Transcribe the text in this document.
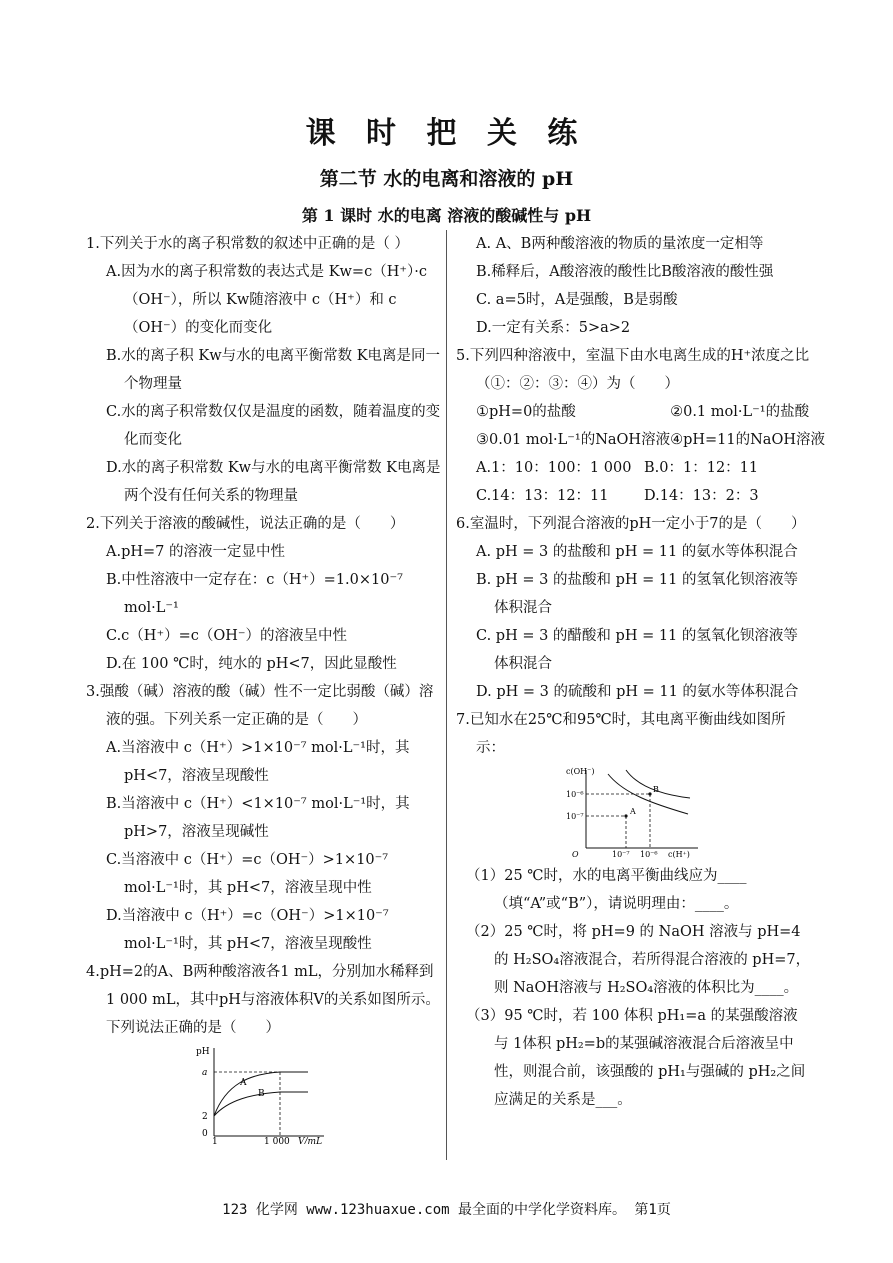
课 时 把 关 练
第二节 水的电离和溶液的 pH
第 1 课时 水的电离 溶液的酸碱性与 pH
1.下列关于水的离子积常数的叙述中正确的是（ ）
A.因为水的离子积常数的表达式是 Kw=c（H⁺）·c（OH⁻），所以 Kw随溶液中 c（H⁺）和 c（OH⁻）的变化而变化
B.水的离子积 Kw与水的电离平衡常数 K电离是同一个物理量
C.水的离子积常数仅仅是温度的函数，随着温度的变化而变化
D.水的离子积常数 Kw与水的电离平衡常数 K电离是两个没有任何关系的物理量
2.下列关于溶液的酸碱性，说法正确的是（　　）
A.pH=7 的溶液一定显中性
B.中性溶液中一定存在：c（H⁺）=1.0×10⁻⁷ mol·L⁻¹
C.c（H⁺）=c（OH⁻）的溶液呈中性
D.在 100 ℃时，纯水的 pH<7，因此显酸性
3.强酸（碱）溶液的酸（碱）性不一定比弱酸（碱）溶液的强。下列关系一定正确的是（　　）
A.当溶液中 c（H⁺）>1×10⁻⁷ mol·L⁻¹时，其 pH<7，溶液呈现酸性
B.当溶液中 c（H⁺）<1×10⁻⁷ mol·L⁻¹时，其 pH>7，溶液呈现碱性
C.当溶液中 c（H⁺）=c（OH⁻）>1×10⁻⁷ mol·L⁻¹时，其 pH<7，溶液呈现中性
D.当溶液中 c（H⁺）=c（OH⁻）>1×10⁻⁷ mol·L⁻¹时，其 pH<7，溶液呈现酸性
4.pH=2的A、B两种酸溶液各1 mL，分别加水稀释到 1 000 mL，其中pH与溶液体积V的关系如图所示。下列说法正确的是（　　）
pH
a
2
0
1	1 000 V/mL
A
B
A. A、B两种酸溶液的物质的量浓度一定相等
B.稀释后，A酸溶液的酸性比B酸溶液的酸性强
C. a=5时，A是强酸，B是弱酸
D.一定有关系：5>a>2
5.下列四种溶液中，室温下由水电离生成的H⁺浓度之比（①：②：③：④）为（　　）
①pH=0的盐酸	②0.1 mol·L⁻¹的盐酸
③0.01 mol·L⁻¹的NaOH溶液 ④pH=11的NaOH溶液
A.1：10：100：1 000 B.0：1：12：11
C.14：13：12：11	D.14：13：2：3
6.室温时，下列混合溶液的pH一定小于7的是（　　）
A. pH = 3 的盐酸和 pH = 11 的氨水等体积混合
B. pH = 3 的盐酸和 pH = 11 的氢氧化钡溶液等体积混合
C. pH = 3 的醋酸和 pH = 11 的氢氧化钡溶液等体积混合
D. pH = 3 的硫酸和 pH = 11 的氨水等体积混合
7.已知水在25℃和95℃时，其电离平衡曲线如图所示：
c(OH⁻)
10⁻⁶
10⁻⁷
O	10⁻⁷ 10⁻⁶ c(H⁺)
A
B
（1）25 ℃时，水的电离平衡曲线应为____（填“A”或“B”），请说明理由：____。
（2）25 ℃时，将 pH=9 的 NaOH 溶液与 pH=4 的 H₂SO₄溶液混合，若所得混合溶液的 pH=7，则 NaOH溶液与 H₂SO₄溶液的体积比为____。
（3）95 ℃时，若 100 体积 pH₁=a 的某强酸溶液与 1体积 pH₂=b的某强碱溶液混合后溶液呈中性，则混合前，该强酸的 pH₁与强碱的 pH₂之间应满足的关系是___。
123 化学网 www.123huaxue.com 最全面的中学化学资料库。 第1页
